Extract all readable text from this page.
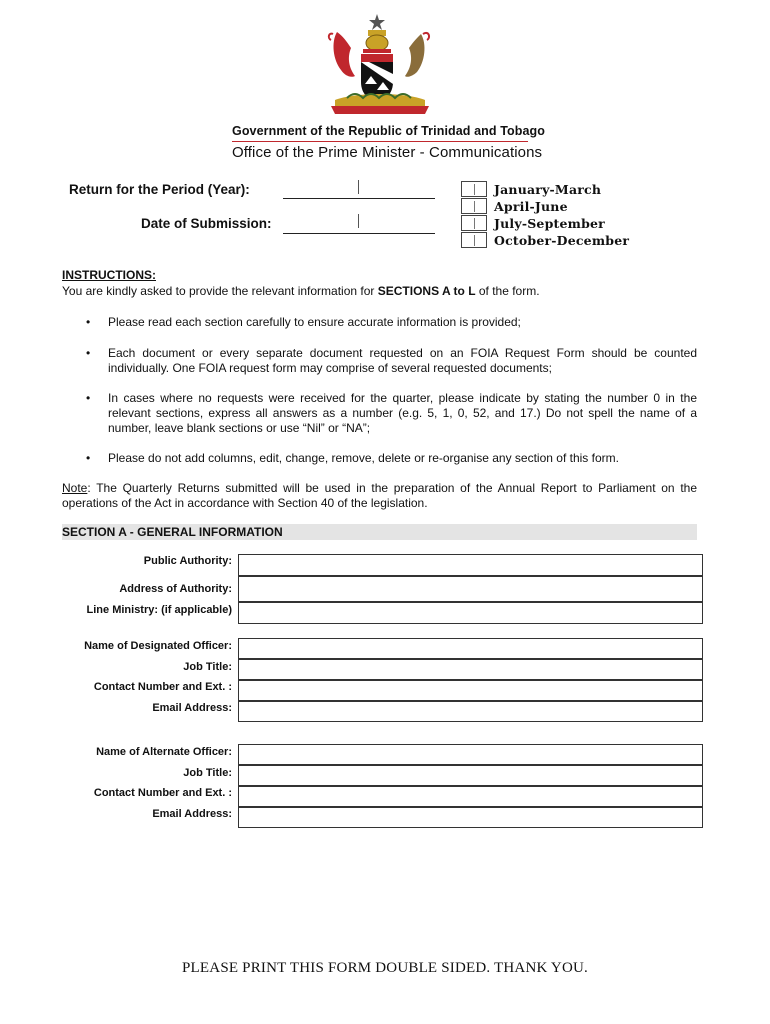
Government of the Republic of Trinidad and Tobago
Office of the Prime Minister - Communications
Return for the Period (Year):
Date of Submission:
January-March
April-June
July-September
October-December
INSTRUCTIONS:
You are kindly asked to provide the relevant information for SECTIONS A to L of the form.
• Please read each section carefully to ensure accurate information is provided;
• Each document or every separate document requested on an FOIA Request Form should be counted individually. One FOIA request form may comprise of several requested documents;
• In cases where no requests were received for the quarter, please indicate by stating the number 0 in the relevant sections, express all answers as a number (e.g. 5, 1, 0, 52, and 17.) Do not spell the name of a number, leave blank sections or use “Nil” or “NA”;
• Please do not add columns, edit, change, remove, delete or re-organise any section of this form.
Note: The Quarterly Returns submitted will be used in the preparation of the Annual Report to Parliament on the operations of the Act in accordance with Section 40 of the legislation.
SECTION A - GENERAL INFORMATION
Public Authority:
Address of Authority:
Line Ministry: (if applicable)
Name of Designated Officer:
Job Title:
Contact Number and Ext. :
Email Address:
Name of Alternate Officer:
Job Title:
Contact Number and Ext. :
Email Address:
PLEASE PRINT THIS FORM DOUBLE SIDED. THANK YOU.
